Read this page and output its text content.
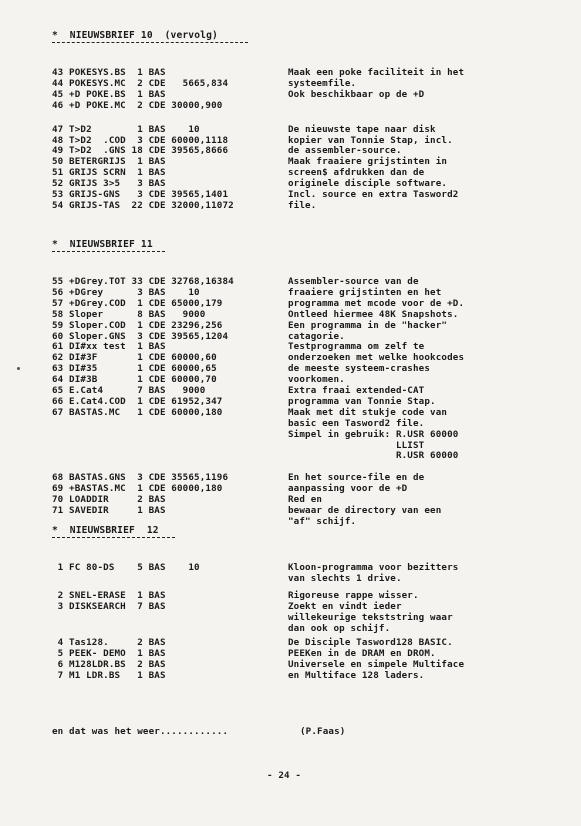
*  NIEUWSBRIEF 10  (vervolg)
43 POKESYS.BS  1 BAS	Maak een poke faciliteit in het
44 POKESYS.MC  2 CDE   5665,834	systeemfile.
45 +D POKE.BS  1 BAS	Ook beschikbaar op de +D
46 +D POKE.MC  2 CDE 30000,900
47 T>D2        1 BAS    10	De nieuwste tape naar disk
48 T>D2  .COD  3 CDE 60000,1118	kopier van Tonnie Stap, incl.
49 T>D2  .GNS 18 CDE 39565,8666	de assembler-source.
50 BETERGRIJS  1 BAS	Maak fraaiere grijstinten in
51 GRIJS SCRN  1 BAS	screen$ afdrukken dan de
52 GRIJS 3>5   3 BAS	originele disciple software.
53 GRIJS-GNS   3 CDE 39565,1401	Incl. source en extra Tasword2
54 GRIJS-TAS  22 CDE 32000,11072	file.
*  NIEUWSBRIEF 11
55 +DGrey.TOT 33 CDE 32768,16384	Assembler-source van de
56 +DGrey      3 BAS    10	fraaiere grijstinten en het
57 +DGrey.COD  1 CDE 65000,179	programma met mcode voor de +D.
58 Sloper      8 BAS   9000	Ontleed hiermee 48K Snapshots.
59 Sloper.COD  1 CDE 23296,256	Een programma in de "hacker"
60 Sloper.GNS  3 CDE 39565,1204	catagorie.
61 DI#xx test  1 BAS	Testprogramma om zelf te
62 DI#3F       1 CDE 60000,60	onderzoeken met welke hookcodes
63 DI#35       1 CDE 60000,65	de meeste systeem-crashes
64 DI#3B       1 CDE 60000,70	voorkomen.
65 E.Cat4      7 BAS   9000	Extra fraai extended-CAT
66 E.Cat4.COD  1 CDE 61952,347	programma van Tonnie Stap.
67 BASTAS.MC   1 CDE 60000,180	Maak met dit stukje code van
basic een Tasword2 file.
Simpel in gebruik: R.USR 60000
LLIST
R.USR 60000
68 BASTAS.GNS  3 CDE 35565,1196	En het source-file en de
69 +BASTAS.MC  1 CDE 60000,180	aanpassing voor de +D
70 LOADDIR     2 BAS	Red en
71 SAVEDIR     1 BAS	bewaar de directory van een
"af" schijf.
*  NIEUWSBRIEF  12
1 FC 80-DS    5 BAS    10	Kloon-programma voor bezitters
van slechts 1 drive.
2 SNEL-ERASE  1 BAS	Rigoreuse rappe wisser.
3 DISKSEARCH  7 BAS	Zoekt en vindt ieder
willekeurige tekststring waar
dan ook op schijf.
4 Tas128.     2 BAS	De Disciple Tasword128 BASIC.
5 PEEK- DEMO  1 BAS	PEEKen in de DRAM en DROM.
6 M128LDR.BS  2 BAS	Universele en simpele Multiface
7 M1 LDR.BS   1 BAS	en Multiface 128 laders.
en dat was het weer............	(P.Faas)
- 24 -
